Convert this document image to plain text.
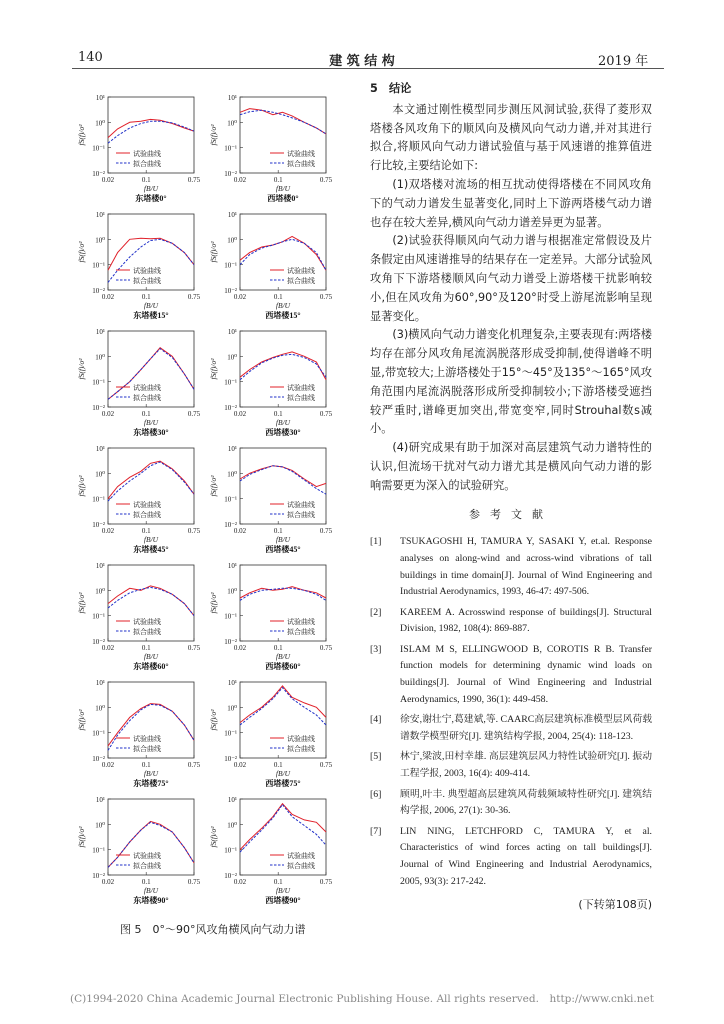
140	建 筑 结 构	2019 年
10¹
10⁰
10⁻¹
10⁻²
0.02	0.1	0.75
fS(f)/σ²
fB/U
东塔楼0°
试验曲线
拟合曲线
10¹
10⁰
10⁻¹
10⁻²
0.02	0.1	0.75
fS(f)/σ²
fB/U
西塔楼0°
试验曲线
拟合曲线
10¹
10⁰
10⁻¹
10⁻²
0.02	0.1	0.75
fS(f)/σ²
fB/U
东塔楼15°
试验曲线
拟合曲线
10¹
10⁰
10⁻¹
10⁻²
0.02	0.1	0.75
fS(f)/σ²
fB/U
西塔楼15°
试验曲线
拟合曲线
10¹
10⁰
10⁻¹
10⁻²
0.02	0.1	0.75
fS(f)/σ²
fB/U
东塔楼30°
试验曲线
拟合曲线
10¹
10⁰
10⁻¹
10⁻²
0.02	0.1	0.75
fS(f)/σ²
fB/U
西塔楼30°
试验曲线
拟合曲线
10¹
10⁰
10⁻¹
10⁻²
0.02	0.1	0.75
fS(f)/σ²
fB/U
东塔楼45°
试验曲线
拟合曲线
10¹
10⁰
10⁻¹
10⁻²
0.02	0.1	0.75
fS(f)/σ²
fB/U
西塔楼45°
试验曲线
拟合曲线
10¹
10⁰
10⁻¹
10⁻²
0.02	0.1	0.75
fS(f)/σ²
fB/U
东塔楼60°
试验曲线
拟合曲线
10¹
10⁰
10⁻¹
10⁻²
0.02	0.1	0.75
fS(f)/σ²
fB/U
西塔楼60°
试验曲线
拟合曲线
10¹
10⁰
10⁻¹
10⁻²
0.02	0.1	0.75
fS(f)/σ²
fB/U
东塔楼75°
试验曲线
拟合曲线
10¹
10⁰
10⁻¹
10⁻²
0.02	0.1	0.75
fS(f)/σ²
fB/U
西塔楼75°
试验曲线
拟合曲线
10¹
10⁰
10⁻¹
10⁻²
0.02	0.1	0.75
fS(f)/σ²
fB/U
东塔楼90°
试验曲线
拟合曲线
10¹
10⁰
10⁻¹
10⁻²
0.02	0.1	0.75
fS(f)/σ²
fB/U
西塔楼90°
试验曲线
拟合曲线
图 5　0°～90°风攻角横风向气动力谱
5　结论

本文通过刚性模型同步测压风洞试验,获得了菱形双塔楼各风攻角下的顺风向及横风向气动力谱,并对其进行拟合,将顺风向气动力谱试验值与基于风速谱的推算值进行比较,主要结论如下:

(1)双塔楼对流场的相互扰动使得塔楼在不同风攻角下的气动力谱发生显著变化,同时上下游两塔楼气动力谱也存在较大差异,横风向气动力谱差异更为显著。

(2)试验获得顺风向气动力谱与根据准定常假设及片条假定由风速谱推导的结果存在一定差异。大部分试验风攻角下下游塔楼顺风向气动力谱受上游塔楼干扰影响较小,但在风攻角为60°,90°及120°时受上游尾流影响呈现显著变化。

(3)横风向气动力谱变化机理复杂,主要表现有:两塔楼均存在部分风攻角尾流涡脱落形成受抑制,使得谱峰不明显,带宽较大;上游塔楼处于15°～45°及135°～165°风攻角范围内尾流涡脱落形成所受抑制较小;下游塔楼受遮挡较严重时,谱峰更加突出,带宽变窄,同时Strouhal数s减小。

(4)研究成果有助于加深对高层建筑气动力谱特性的认识,但流场干扰对气动力谱尤其是横风向气动力谱的影响需要更为深入的试验研究。

参考文献
[1] TSUKAGOSHI H, TAMURA Y, SASAKI Y, et.al. Response analyses on along-wind and across-wind vibrations of tall buildings in time domain[J]. Journal of Wind Engineering and Industrial Aerodynamics, 1993, 46-47: 497-506.
[2] KAREEM A. Acrosswind response of buildings[J]. Structural Division, 1982, 108(4): 869-887.
[3] ISLAM M S, ELLINGWOOD B, COROTIS R B. Transfer function models for determining dynamic wind loads on buildings[J]. Journal of Wind Engineering and Industrial Aerodynamics, 1990, 36(1): 449-458.
[4] 徐安,谢壮宁,葛建斌,等. CAARC高层建筑标准模型层风荷载谱数学模型研究[J]. 建筑结构学报, 2004, 25(4): 118-123.
[5] 林宁,梁波,田村幸雄. 高层建筑层风力特性试验研究[J]. 振动工程学报, 2003, 16(4): 409-414.
[6] 顾明,叶丰. 典型超高层建筑风荷载频域特性研究[J]. 建筑结构学报, 2006, 27(1): 30-36.
[7] LIN NING, LETCHFORD C, TAMURA Y, et al. Characteristics of wind forces acting on tall buildings[J]. Journal of Wind Engineering and Industrial Aerodynamics, 2005, 93(3): 217-242.
(下转第108页)
(C)1994-2020 China Academic Journal Electronic Publishing House. All rights reserved.　http://www.cnki.net
